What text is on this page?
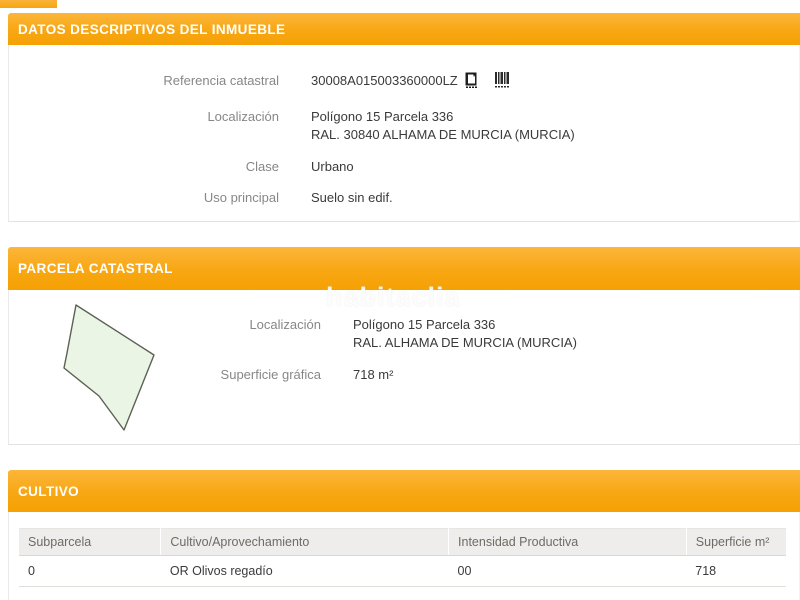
DATOS DESCRIPTIVOS DEL INMUEBLE
Referencia catastral 30008A015003360000LZ
Localización Polígono 15 Parcela 336
RAL. 30840 ALHAMA DE MURCIA (MURCIA)
Clase Urbano
Uso principal Suelo sin edif.
PARCELA CATASTRAL
Localización Polígono 15 Parcela 336
RAL. ALHAMA DE MURCIA (MURCIA)
Superficie gráfica 718 m²
CULTIVO
Subparcela	Cultivo/Aprovechamiento	Intensidad Productiva	Superficie m²
0	OR Olivos regadío	00	718
habitaclia
